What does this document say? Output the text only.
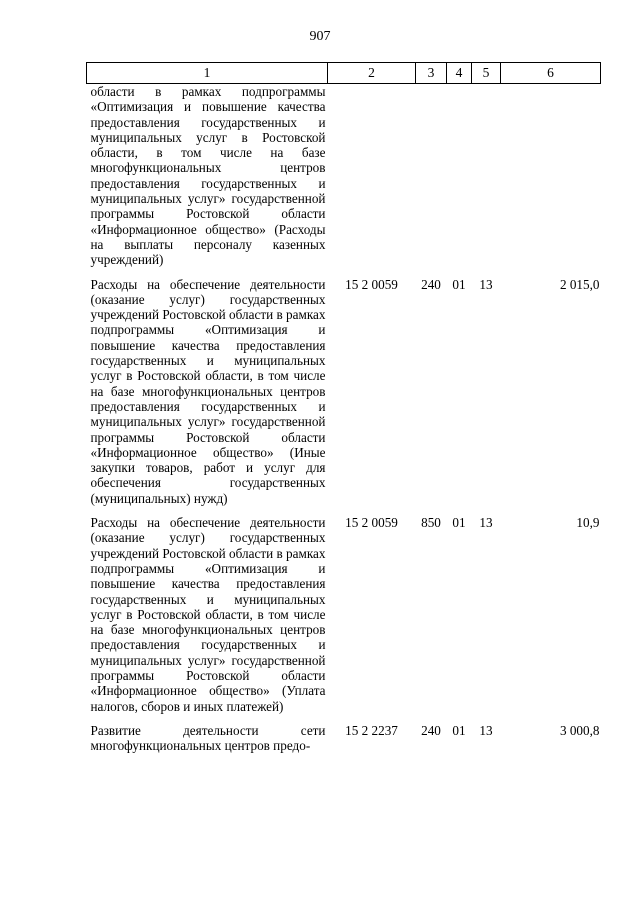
907
1	2	3	4	5	6
области в рамках подпрограммы «Оптимизация и повышение качества предоставления государственных и муниципальных услуг в Ростовской области, в том числе на базе многофункциональных центров предоставления государственных и муниципальных услуг» государственной программы Ростовской области «Информационное общество» (Расходы на выплаты персоналу казенных учреждений)					

Расходы на обеспечение деятельности (оказание услуг) государственных учреждений Ростовской области в рамках подпрограммы «Оптимизация и повышение качества предоставления государственных и муниципальных услуг в Ростовской области, в том числе на базе многофункциональных центров предоставления государственных и муниципальных услуг» государственной программы Ростовской области «Информационное общество» (Иные закупки товаров, работ и услуг для обеспечения государственных (муниципальных) нужд)	15 2 0059	240	01	13	2 015,0

Расходы на обеспечение деятельности (оказание услуг) государственных учреждений Ростовской области в рамках подпрограммы «Оптимизация и повышение качества предоставления государственных и муниципальных услуг в Ростовской области, в том числе на базе многофункциональных центров предоставления государственных и муниципальных услуг» государственной программы Ростовской области «Информационное общество» (Уплата налогов, сборов и иных платежей)	15 2 0059	850	01	13	10,9

Развитие деятельности сети многофункциональных центров предо-	15 2 2237	240	01	13	3 000,8
